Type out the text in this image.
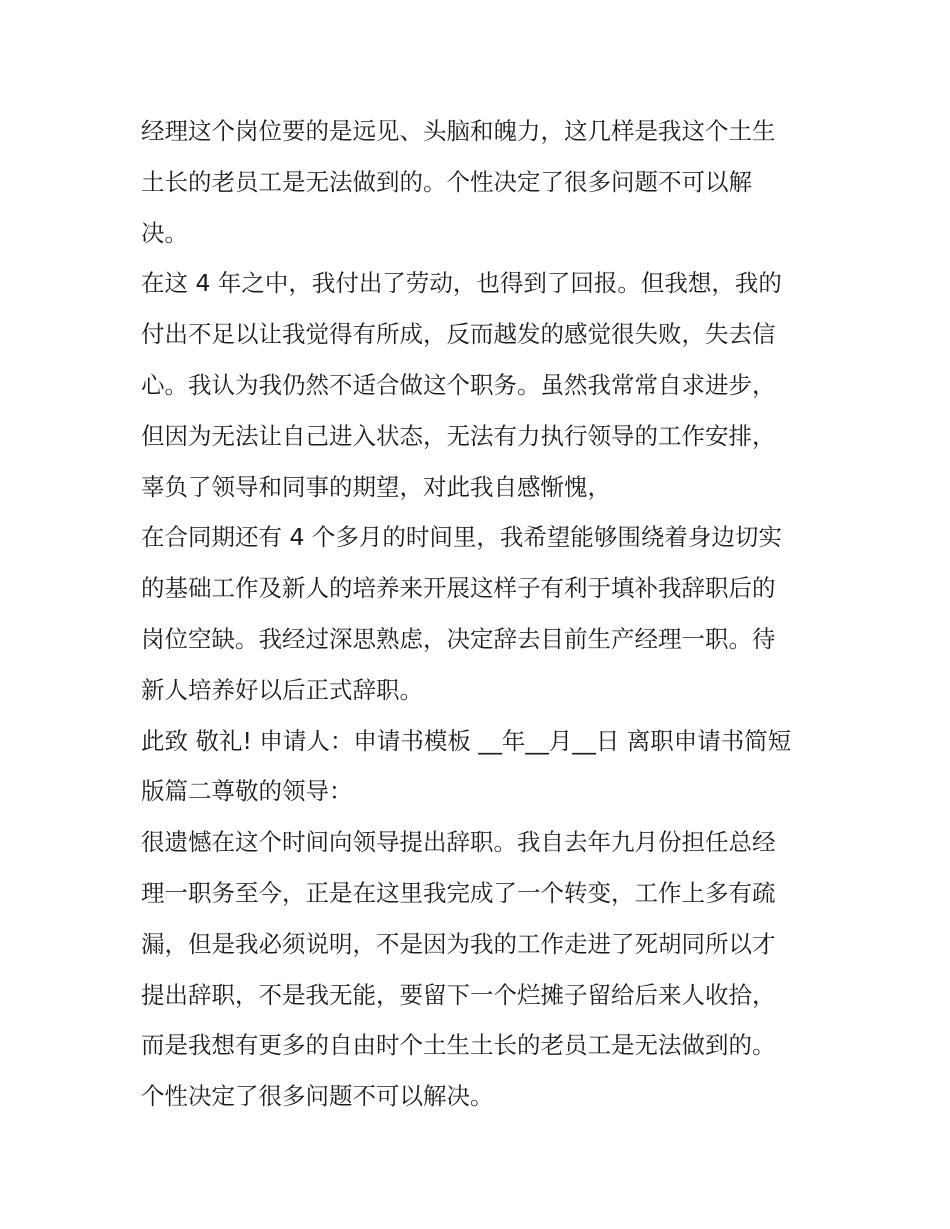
经理这个岗位要的是远见、头脑和魄力，这几样是我这个土生
土长的老员工是无法做到的。个性决定了很多问题不可以解
决。

在这 4 年之中，我付出了劳动，也得到了回报。但我想，我的
付出不足以让我觉得有所成，反而越发的感觉很失败，失去信
心。我认为我仍然不适合做这个职务。虽然我常常自求进步，
但因为无法让自己进入状态，无法有力执行领导的工作安排，
辜负了领导和同事的期望，对此我自感惭愧，

在合同期还有 4 个多月的时间里，我希望能够围绕着身边切实
的基础工作及新人的培养来开展这样子有利于填补我辞职后的
岗位空缺。我经过深思熟虑，决定辞去目前生产经理一职。待
新人培养好以后正式辞职。

此致 敬礼! 申请人：申请书模板 __年__月__日 离职申请书简短
版篇二尊敬的领导：

很遗憾在这个时间向领导提出辞职。我自去年九月份担任总经
理一职务至今，正是在这里我完成了一个转变，工作上多有疏
漏，但是我必须说明，不是因为我的工作走进了死胡同所以才
提出辞职，不是我无能，要留下一个烂摊子留给后来人收拾，
而是我想有更多的自由时个土生土长的老员工是无法做到的。
个性决定了很多问题不可以解决。
